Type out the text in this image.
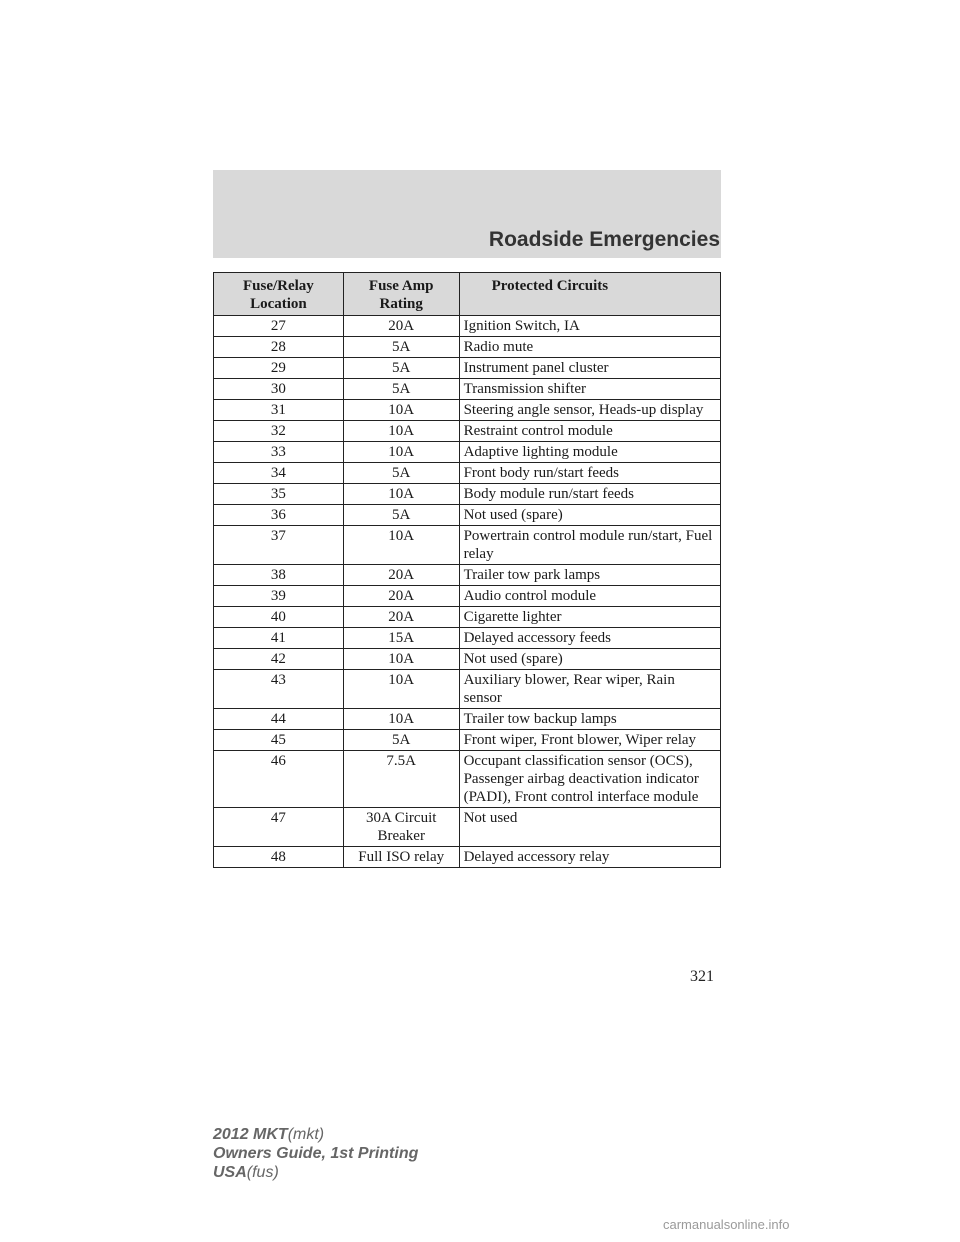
Roadside Emergencies
Fuse/Relay Location	Fuse Amp Rating	Protected Circuits
27	20A	Ignition Switch, IA
28	5A	Radio mute
29	5A	Instrument panel cluster
30	5A	Transmission shifter
31	10A	Steering angle sensor, Heads-up display
32	10A	Restraint control module
33	10A	Adaptive lighting module
34	5A	Front body run/start feeds
35	10A	Body module run/start feeds
36	5A	Not used (spare)
37	10A	Powertrain control module run/start, Fuel relay
38	20A	Trailer tow park lamps
39	20A	Audio control module
40	20A	Cigarette lighter
41	15A	Delayed accessory feeds
42	10A	Not used (spare)
43	10A	Auxiliary blower, Rear wiper, Rain sensor
44	10A	Trailer tow backup lamps
45	5A	Front wiper, Front blower, Wiper relay
46	7.5A	Occupant classification sensor (OCS), Passenger airbag deactivation indicator (PADI), Front control interface module
47	30A Circuit Breaker	Not used
48	Full ISO relay	Delayed accessory relay
321
2012 MKT(mkt)
Owners Guide, 1st Printing
USA(fus)
carmanualsonline.info
